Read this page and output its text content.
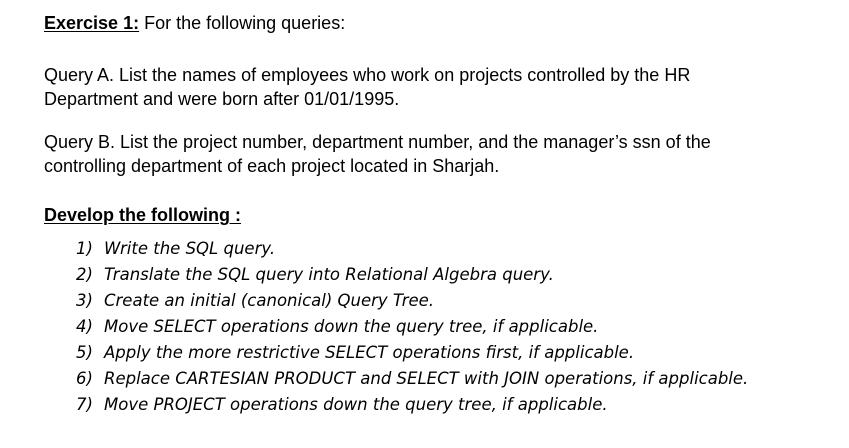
Exercise 1: For the following queries:
Query A. List the names of employees who work on projects controlled by the HR
Department and were born after 01/01/1995.
Query B. List the project number, department number, and the manager’s ssn of the
controlling department of each project located in Sharjah.
Develop the following :
1) Write the SQL query.
2) Translate the SQL query into Relational Algebra query.
3) Create an initial (canonical) Query Tree.
4) Move SELECT operations down the query tree, if applicable.
5) Apply the more restrictive SELECT operations first, if applicable.
6) Replace CARTESIAN PRODUCT and SELECT with JOIN operations, if applicable.
7) Move PROJECT operations down the query tree, if applicable.
